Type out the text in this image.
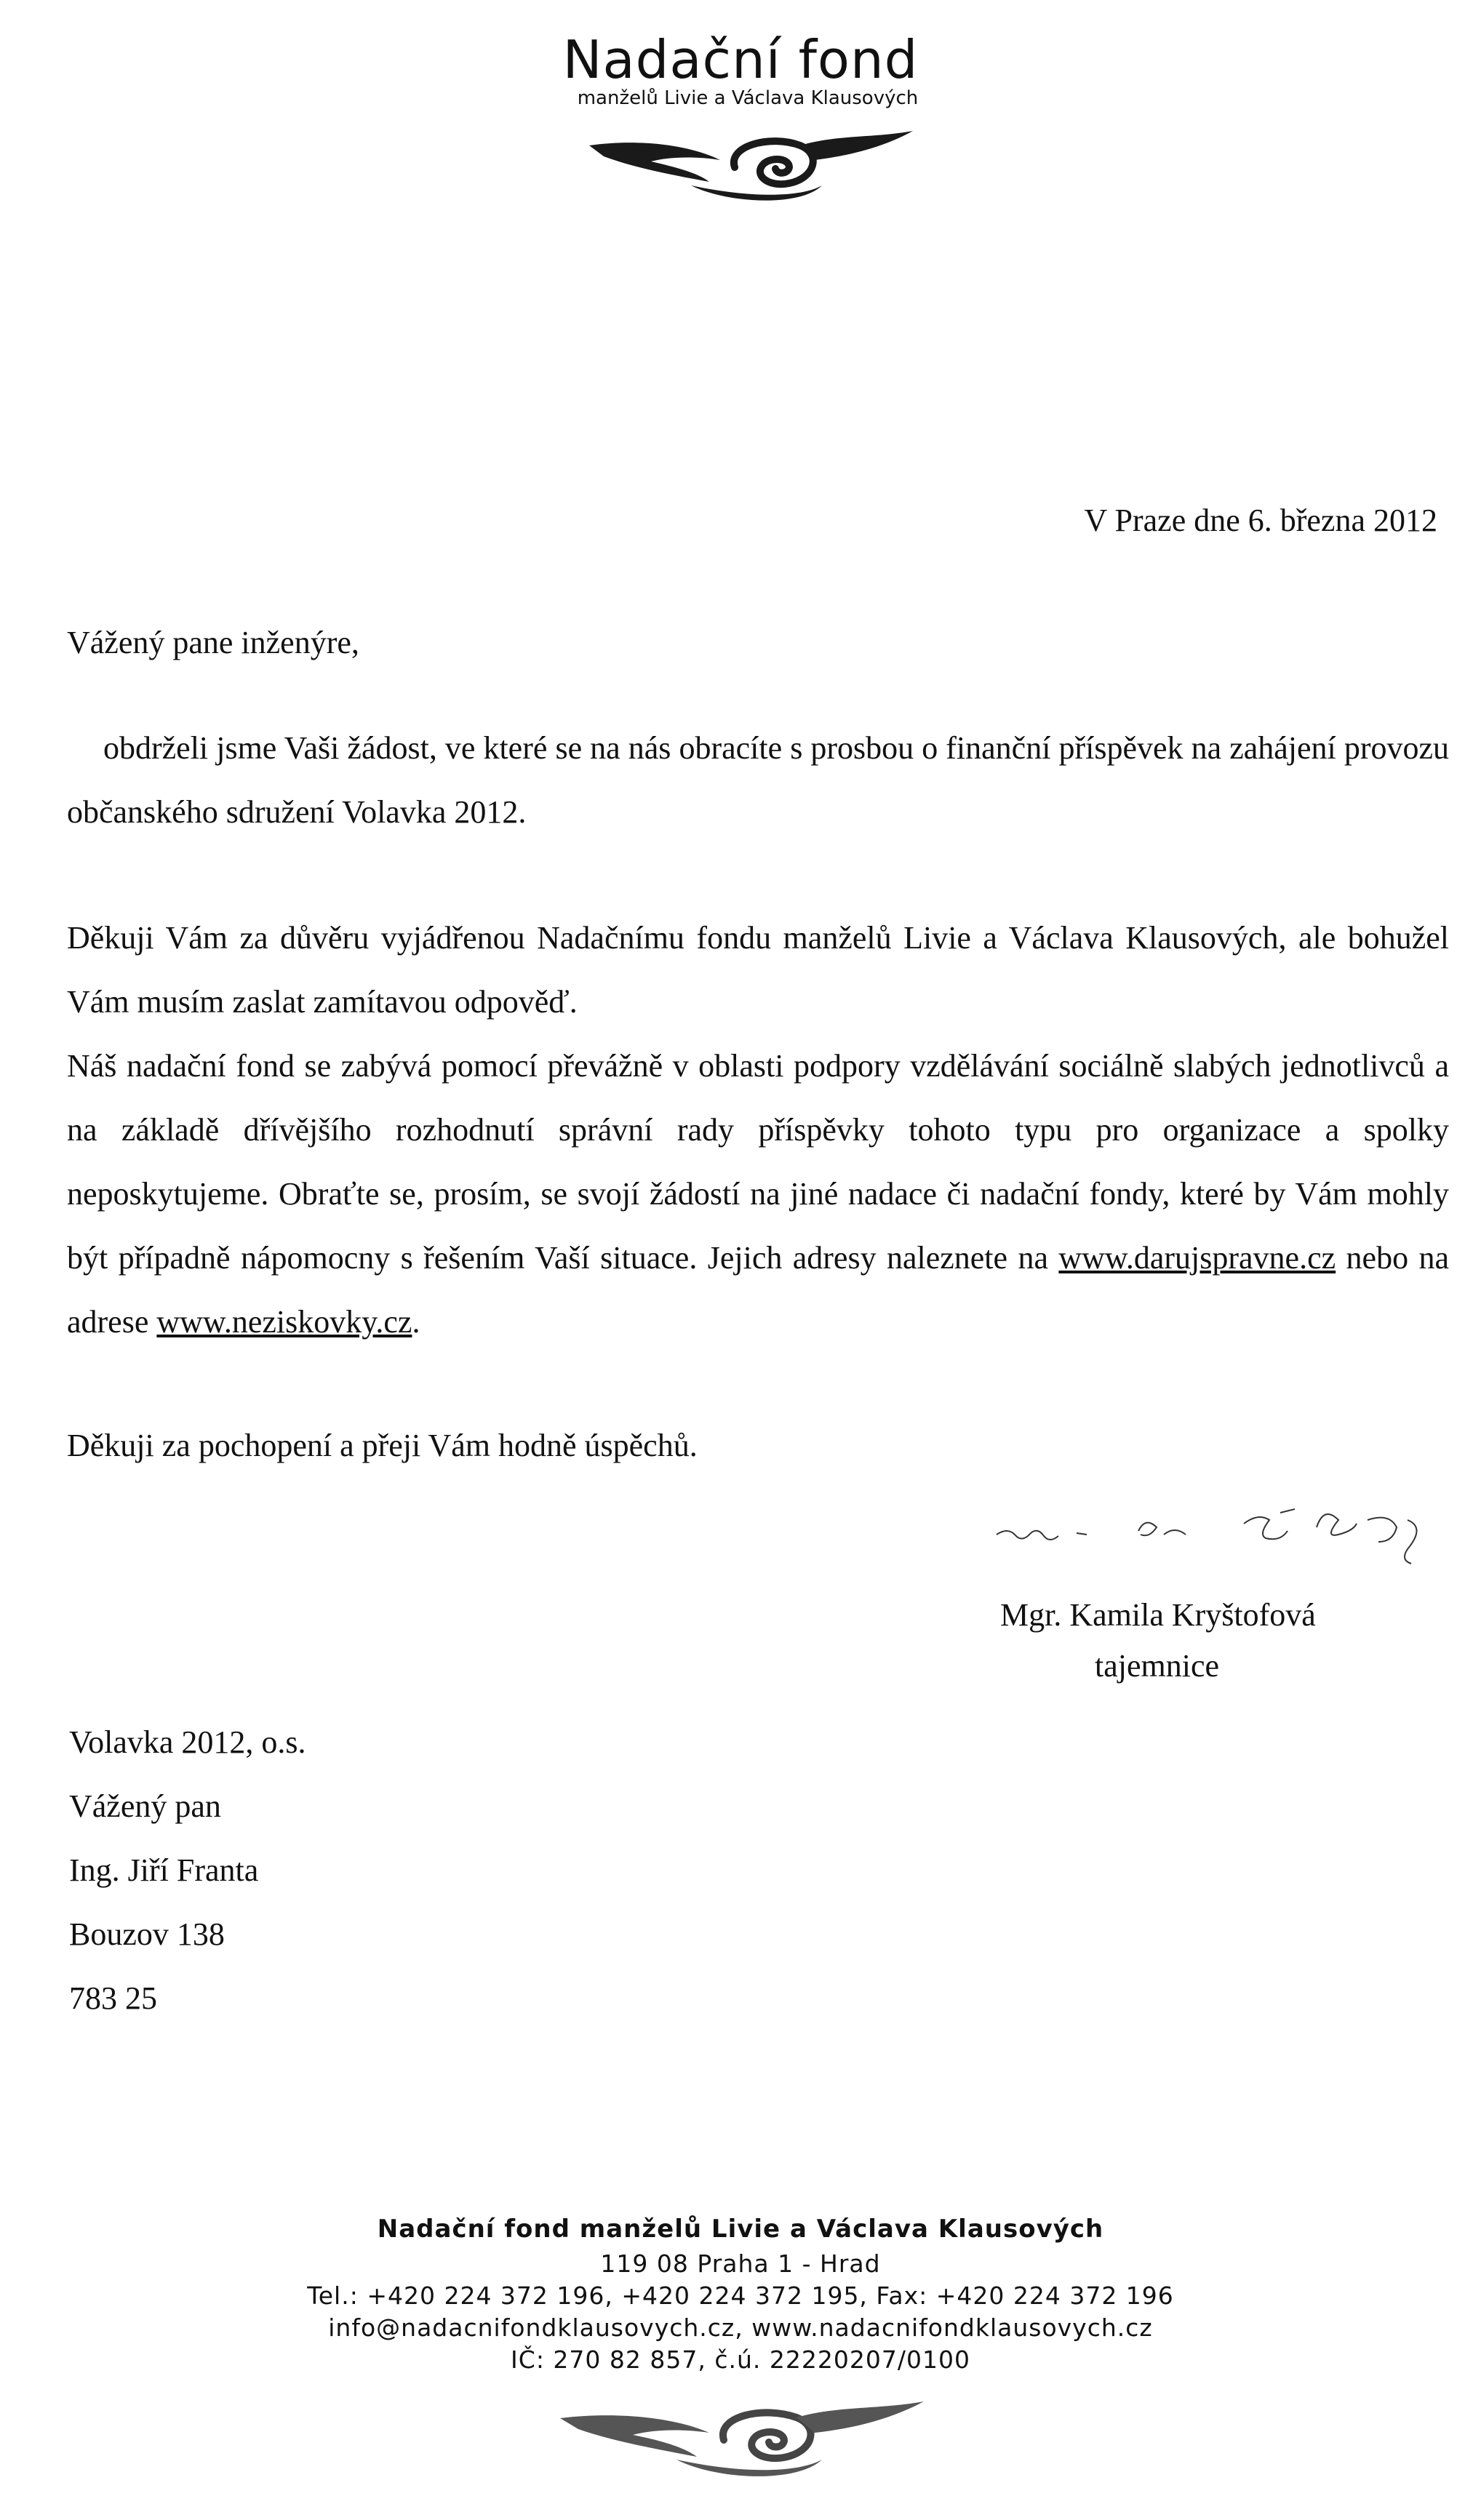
Nadační fond
manželů Livie a Václava Klausových
V Praze dne 6. března 2012
Vážený pane inženýre,
obdrželi jsme Vaši žádost, ve které se na nás obracíte s prosbou o finanční příspěvek na zahájení provozu občanského sdružení Volavka 2012.
Děkuji Vám za důvěru vyjádřenou Nadačnímu fondu manželů Livie a Václava Klausových, ale bohužel Vám musím zaslat zamítavou odpověď.
Náš nadační fond se zabývá pomocí převážně v oblasti podpory vzdělávání sociálně slabých jednotlivců a na základě dřívějšího rozhodnutí správní rady příspěvky tohoto typu pro organizace a spolky neposkytujeme. Obraťte se, prosím, se svojí žádostí na jiné nadace či nadační fondy, které by Vám mohly být případně nápomocny s řešením Vaší situace. Jejich adresy naleznete na www.darujspravne.cz nebo na adrese www.neziskovky.cz.
Děkuji za pochopení a přeji Vám hodně úspěchů.
Mgr. Kamila Kryštofová
tajemnice
Volavka 2012, o.s.
Vážený pan
Ing. Jiří Franta
Bouzov 138
783 25
Nadační fond manželů Livie a Václava Klausových
119 08 Praha 1 - Hrad
Tel.: +420 224 372 196, +420 224 372 195, Fax: +420 224 372 196
info@nadacnifondklausovych.cz, www.nadacnifondklausovych.cz
IČ: 270 82 857, č.ú. 22220207/0100
